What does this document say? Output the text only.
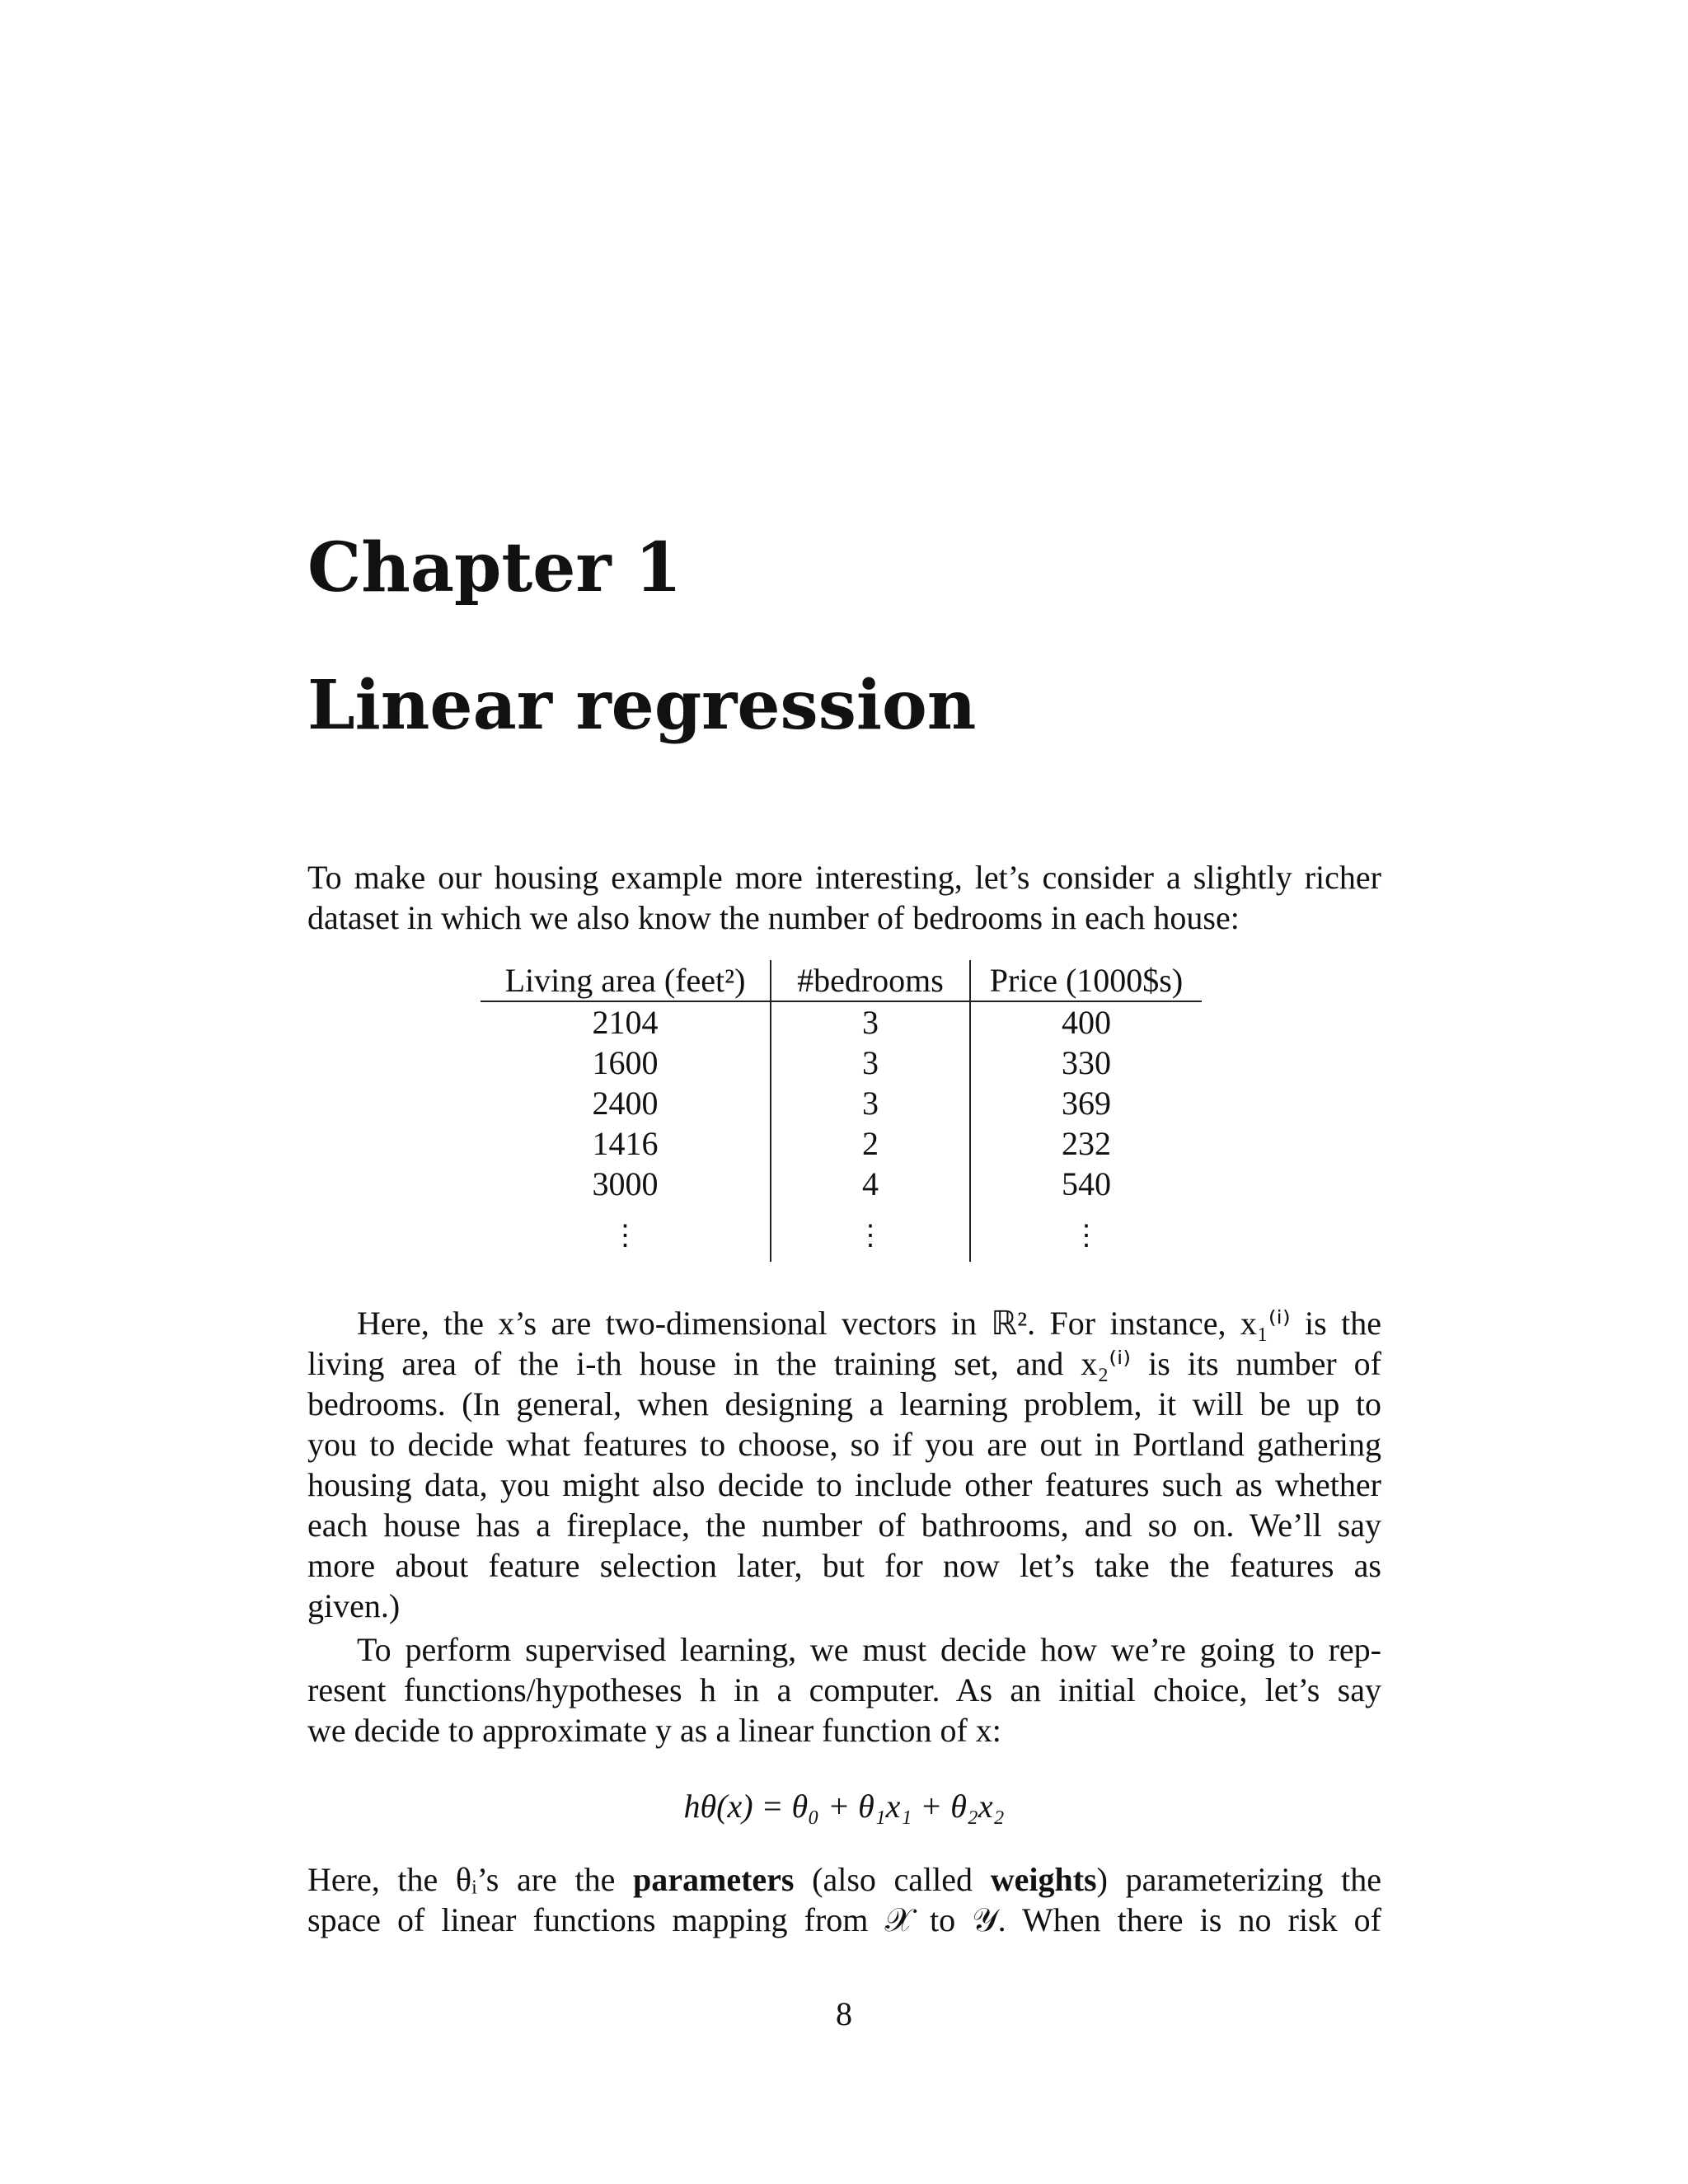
Chapter 1
Linear regression

To make our housing example more interesting, let’s consider a slightly richer
dataset in which we also know the number of bedrooms in each house:

Living area (feet²)	#bedrooms	Price (1000$s)
2104	3	400
1600	3	330
2400	3	369
1416	2	232
3000	4	540
⋮	⋮	⋮

Here, the x’s are two-dimensional vectors in ℝ². For instance, x₁⁽ⁱ⁾ is the
living area of the i-th house in the training set, and x₂⁽ⁱ⁾ is its number of
bedrooms. (In general, when designing a learning problem, it will be up to
you to decide what features to choose, so if you are out in Portland gathering
housing data, you might also decide to include other features such as whether
each house has a fireplace, the number of bathrooms, and so on. We’ll say
more about feature selection later, but for now let’s take the features as
given.)

To perform supervised learning, we must decide how we’re going to rep-
resent functions/hypotheses h in a computer. As an initial choice, let’s say
we decide to approximate y as a linear function of x:

hθ(x) = θ₀ + θ₁x₁ + θ₂x₂

Here, the θᵢ’s are the parameters (also called weights) parameterizing the
space of linear functions mapping from 𝒳 to 𝒴. When there is no risk of

8
